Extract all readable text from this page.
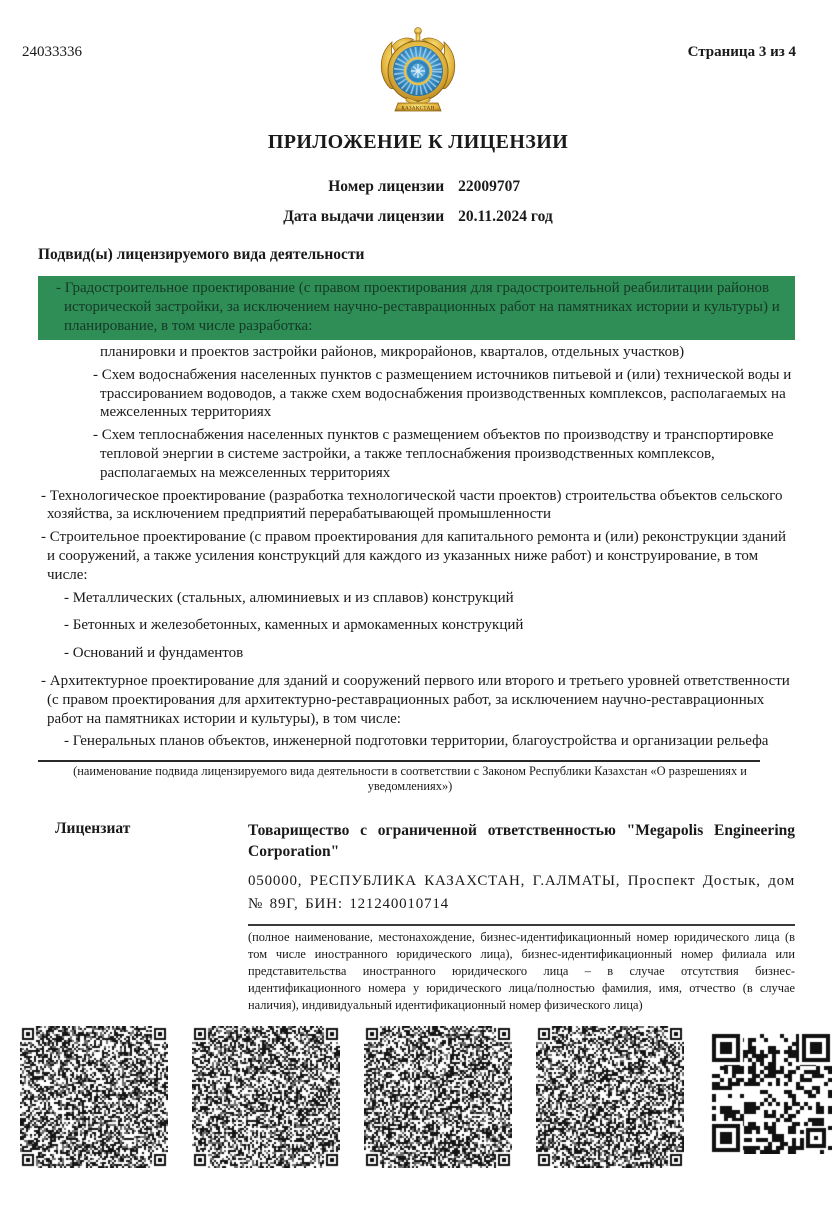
24033336	Страница 3 из 4
ҚАЗАҚСТАН
ПРИЛОЖЕНИЕ К ЛИЦЕНЗИИ
Номер лицензии 22009707
Дата выдачи лицензии 20.11.2024 год
Подвид(ы) лицензируемого вида деятельности
- Градостроительное проектирование (с правом проектирования для градостроительной реабилитации районов исторической застройки, за исключением научно-реставрационных работ на памятниках истории и культуры) и планирование, в том числе разработка:
планировки и проектов застройки районов, микрорайонов, кварталов, отдельных участков)
- Схем водоснабжения населенных пунктов с размещением источников питьевой и (или) технической воды и трассированием водоводов, а также схем водоснабжения производственных комплексов, располагаемых на межселенных территориях
- Схем теплоснабжения населенных пунктов с размещением объектов по производству и транспортировке тепловой энергии в системе застройки, а также теплоснабжения производственных комплексов, располагаемых на межселенных территориях
- Технологическое проектирование (разработка технологической части проектов) строительства объектов сельского хозяйства, за исключением предприятий перерабатывающей промышленности
- Строительное проектирование (с правом проектирования для капитального ремонта и (или) реконструкции зданий и сооружений, а также усиления конструкций для каждого из указанных ниже работ) и конструирование, в том числе:
- Металлических (стальных, алюминиевых и из сплавов) конструкций
- Бетонных и железобетонных, каменных и армокаменных конструкций
- Оснований и фундаментов
- Архитектурное проектирование для зданий и сооружений первого или второго и третьего уровней ответственности (с правом проектирования для архитектурно-реставрационных работ, за исключением научно-реставрационных работ на памятниках истории и культуры), в том числе:
- Генеральных планов объектов, инженерной подготовки территории, благоустройства и организации рельефа
(наименование подвида лицензируемого вида деятельности в соответствии с Законом Республики Казахстан «О разрешениях и уведомлениях»)
Лицензиат	Товарищество с ограниченной ответственностью "Megapolis Engineering Corporation"

050000, РЕСПУБЛИКА КАЗАХСТАН, Г.АЛМАТЫ, Проспект Достык, дом № 89Г, БИН: 121240010714

(полное наименование, местонахождение, бизнес-идентификационный номер юридического лица (в том числе иностранного юридического лица), бизнес-идентификационный номер филиала или представительства иностранного юридического лица – в случае отсутствия бизнес-идентификационного номера у юридического лица/полностью фамилия, имя, отчество (в случае наличия), индивидуальный идентификационный номер физического лица)
